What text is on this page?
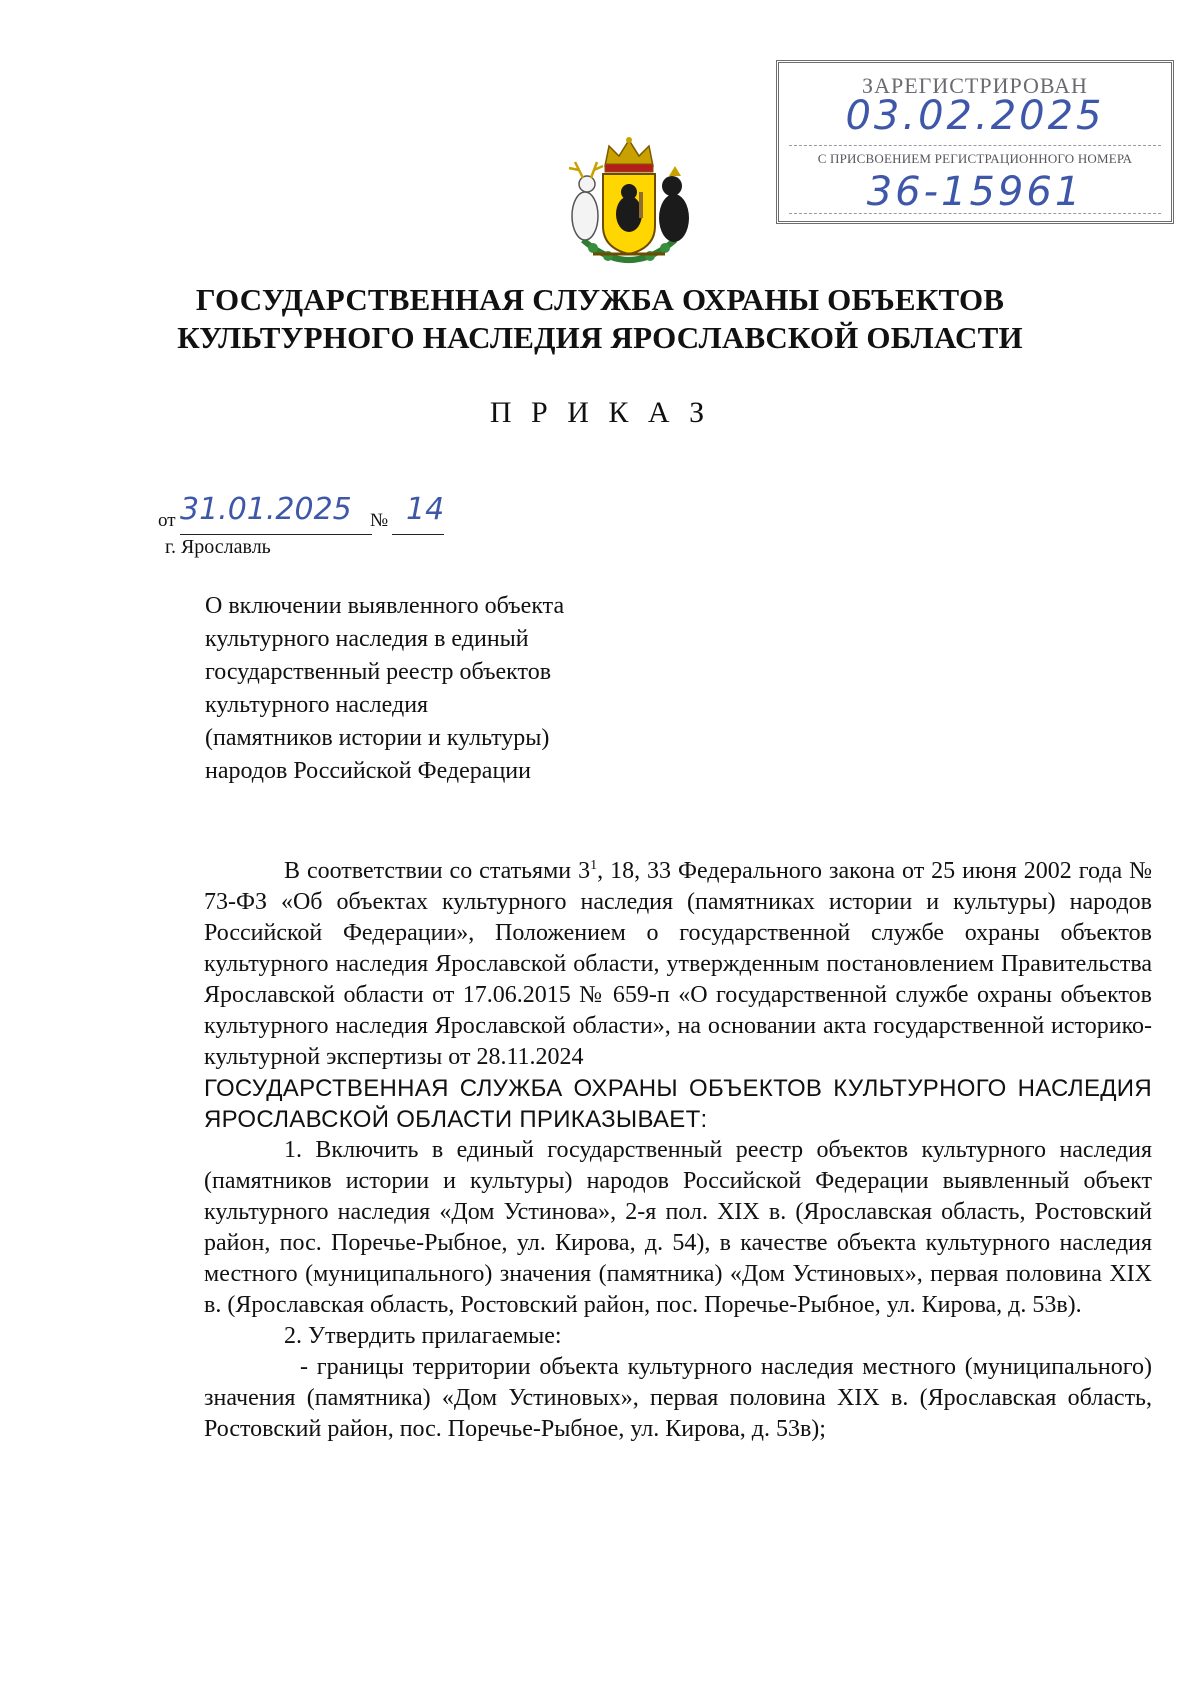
ЗАРЕГИСТРИРОВАН
03.02.2025
С ПРИСВОЕНИЕМ РЕГИСТРАЦИОННОГО НОМЕРА
36-15961
ГОСУДАРСТВЕННАЯ СЛУЖБА ОХРАНЫ ОБЪЕКТОВ
КУЛЬТУРНОГО НАСЛЕДИЯ ЯРОСЛАВСКОЙ ОБЛАСТИ
П Р И К А З
от 31.01.2025 № 14
г. Ярославль
О включении выявленного объекта
культурного наследия в единый
государственный реестр объектов
культурного наследия
(памятников истории и культуры)
народов Российской Федерации

В соответствии со статьями $3^1$, 18, 33 Федерального закона от 25 июня 2002 года № 73-ФЗ «Об объектах культурного наследия (памятниках истории и культуры) народов Российской Федерации», Положением о государственной службе охраны объектов культурного наследия Ярославской области, утвержденным постановлением Правительства Ярославской области от 17.06.2015 № 659-п «О государственной службе охраны объектов культурного наследия Ярославской области», на основании акта государственной историко-культурной экспертизы от 28.11.2024

ГОСУДАРСТВЕННАЯ СЛУЖБА ОХРАНЫ ОБЪЕКТОВ КУЛЬТУРНОГО НАСЛЕДИЯ ЯРОСЛАВСКОЙ ОБЛАСТИ ПРИКАЗЫВАЕТ:

1. Включить в единый государственный реестр объектов культурного наследия (памятников истории и культуры) народов Российской Федерации выявленный объект культурного наследия «Дом Устинова», 2-я пол. XIX в. (Ярославская область, Ростовский район, пос. Поречье-Рыбное, ул. Кирова, д. 54), в качестве объекта культурного наследия местного (муниципального) значения (памятника) «Дом Устиновых», первая половина XIX в. (Ярославская область, Ростовский район, пос. Поречье-Рыбное, ул. Кирова, д. 53в).

2. Утвердить прилагаемые:

- границы территории объекта культурного наследия местного (муниципального) значения (памятника) «Дом Устиновых», первая половина XIX в. (Ярославская область, Ростовский район, пос. Поречье-Рыбное, ул. Кирова, д. 53в);
